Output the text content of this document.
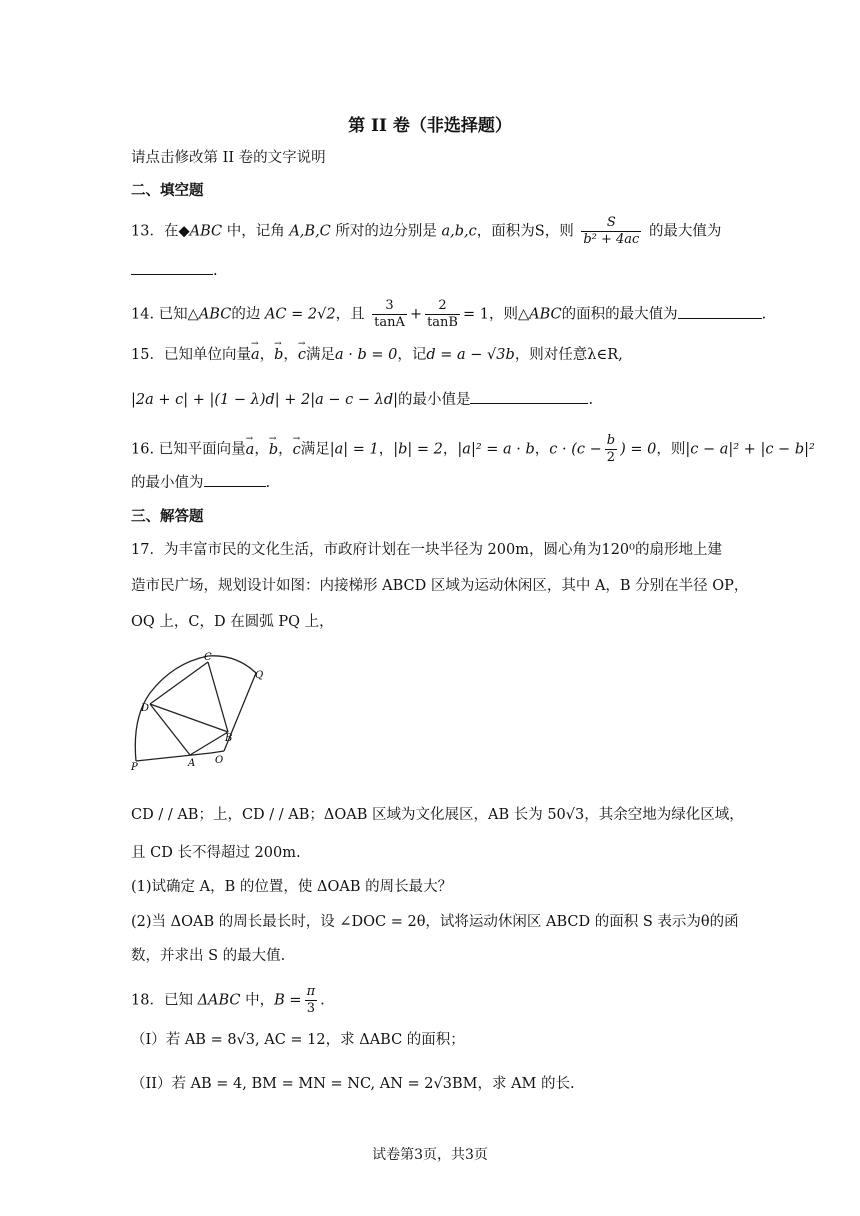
第 II 卷（非选择题）
请点击修改第 II 卷的文字说明
二、填空题
13．在◆ABC 中，记角 A,B,C 所对的边分别是 a,b,c，面积为S，则 $\frac{S}{\text{b² + 4ac}}$ 的最大值为
.
14. 已知△ABC的边 AC = 2√2，且 $\frac{3}{\tan A} + \frac{2}{\tan B} = 1$，则△ABC的面积的最大值为	.
15．已知单位向量→ a，→ b，→ c满足a · b = 0，记d = a − √3b，则对任意λ∈R,
|2a + c| + |(1 − λ)d| + 2|a − c − λd|的最小值是	.
16. 已知平面向量→ a，→ b，→ c满足|a| = 1，|b| = 2，|a|² = a · b，$c \cdot (c - \frac{b}{2}$ ) = 0，则|c − a|² + |c − b|²
的最小值为	.
三、解答题
17．为丰富市民的文化生活，市政府计划在一块半径为 200m，圆心角为120⁰的扇形地上建
造市民广场，规划设计如图：内接梯形 ABCD 区域为运动休闲区，其中 A，B 分别在半径 OP，
OQ 上，C，D 在圆弧 PQ 上，
C
Q
D
B
P	A O
CD / / AB；上，CD / / AB；ΔOAB 区域为文化展区，AB 长为 50√3，其余空地为绿化区域，
且 CD 长不得超过 200m.
(1)试确定 A，B 的位置，使 ΔOAB 的周长最大？
(2)当 ΔOAB 的周长最长时，设 ∠DOC = 2θ，试将运动休闲区 ABCD 的面积 S 表示为θ的函
数，并求出 S 的最大值.
18．已知 ΔABC 中，$B = \frac{\pi}{3}$ .
（I）若 AB = 8√3, AC = 12，求 ΔABC 的面积；
（II）若 AB = 4, BM = MN = NC, AN = 2√3BM，求 AM 的长.
试卷第3页，共3页
